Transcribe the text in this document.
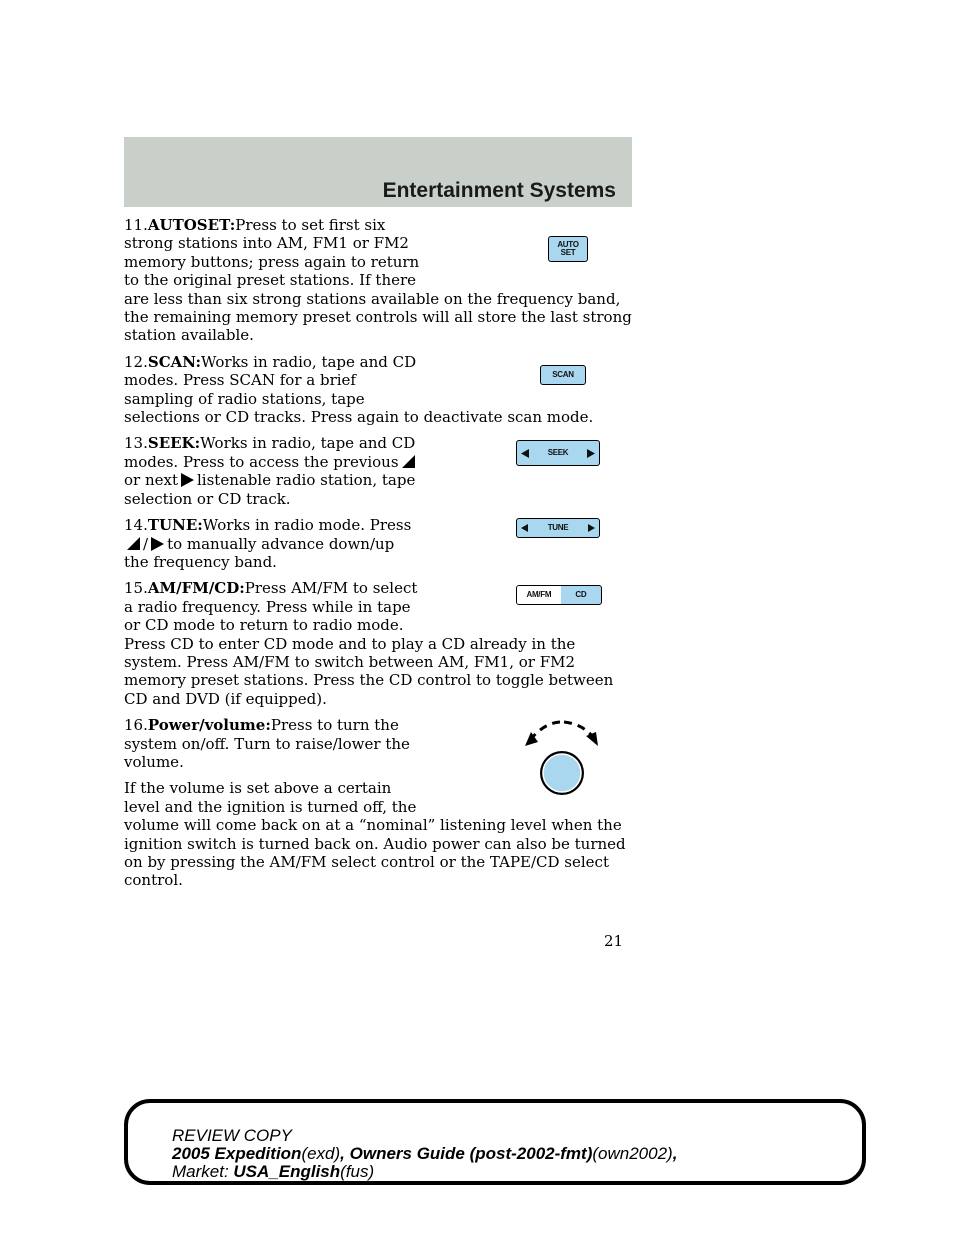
Entertainment Systems
AUTO
SET
11.AUTOSET:Press to set first six strong stations into AM, FM1 or FM2 memory buttons; press again to return to the original preset stations. If there are less than six strong stations available on the frequency band, the remaining memory preset controls will all store the last strong station available.
SCAN
12.SCAN:Works in radio, tape and CD modes. Press SCAN for a brief sampling of radio stations, tape selections or CD tracks. Press again to deactivate scan mode.
SEEK
13.SEEK:Works in radio, tape and CD modes. Press to access the previousor next listenable radio station, tape selection or CD track.
TUNE
14.TUNE:Works in radio mode. Press/ to manually advance down/up the frequency band.
AM/FM	CD
15.AM/FM/CD:Press AM/FM to select a radio frequency. Press while in tape or CD mode to return to radio mode. Press CD to enter CD mode and to play a CD already in the system. Press AM/FM to switch between AM, FM1, or FM2 memory preset stations. Press the CD control to toggle between CD and DVD (if equipped).
16.Power/volume:Press to turn the system on/off. Turn to raise/lower the volume.
If the volume is set above a certain level and the ignition is turned off, the volume will come back on at a “nominal” listening level when the ignition switch is turned back on. Audio power can also be turned on by pressing the AM/FM select control or the TAPE/CD select control.
21
REVIEW COPY
2005 Expedition(exd), Owners Guide (post-2002-fmt)(own2002),
Market: USA_English(fus)
